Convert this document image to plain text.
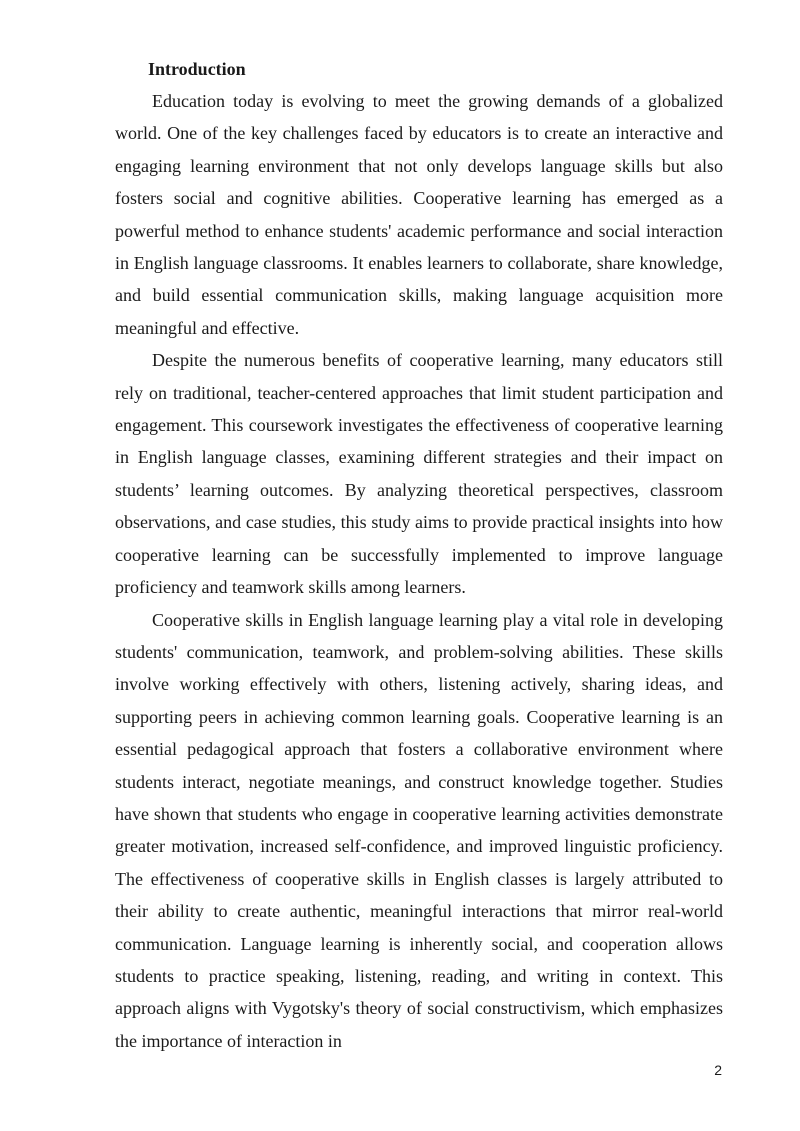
Introduction

Education today is evolving to meet the growing demands of a globalized world. One of the key challenges faced by educators is to create an interactive and engaging learning environment that not only develops language skills but also fosters social and cognitive abilities. Cooperative learning has emerged as a powerful method to enhance students' academic performance and social interaction in English language classrooms. It enables learners to collaborate, share knowledge, and build essential communication skills, making language acquisition more meaningful and effective.

Despite the numerous benefits of cooperative learning, many educators still rely on traditional, teacher-centered approaches that limit student participation and engagement. This coursework investigates the effectiveness of cooperative learning in English language classes, examining different strategies and their impact on students’ learning outcomes. By analyzing theoretical perspectives, classroom observations, and case studies, this study aims to provide practical insights into how cooperative learning can be successfully implemented to improve language proficiency and teamwork skills among learners.

Cooperative skills in English language learning play a vital role in developing students' communication, teamwork, and problem-solving abilities. These skills involve working effectively with others, listening actively, sharing ideas, and supporting peers in achieving common learning goals. Cooperative learning is an essential pedagogical approach that fosters a collaborative environment where students interact, negotiate meanings, and construct knowledge together. Studies have shown that students who engage in cooperative learning activities demonstrate greater motivation, increased self-confidence, and improved linguistic proficiency. The effectiveness of cooperative skills in English classes is largely attributed to their ability to create authentic, meaningful interactions that mirror real-world communication. Language learning is inherently social, and cooperation allows students to practice speaking, listening, reading, and writing in context. This approach aligns with Vygotsky's theory of social constructivism, which emphasizes the importance of interaction in

2
